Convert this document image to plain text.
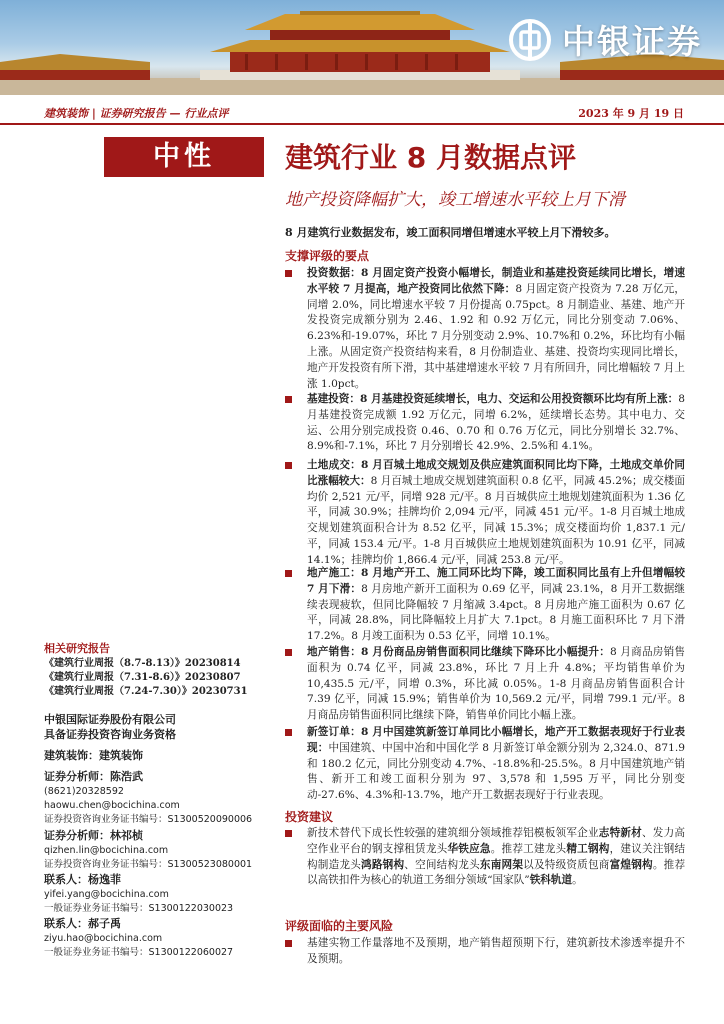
中银证券
建筑装饰 | 证券研究报告 — 行业点评	2023 年 9 月 19 日
中性	建筑行业 8 月数据点评
地产投资降幅扩大，竣工增速水平较上月下滑
8 月建筑行业数据发布，竣工面积同增但增速水平较上月下滑较多。
支撑评级的要点
投资数据：8 月固定资产投资小幅增长，制造业和基建投资延续同比增长，增速水平较 7 月提高，地产投资同比依然下降：8 月固定资产投资为 7.28 万亿元，同增 2.0%，同比增速水平较 7 月份提高 0.75pct。8 月制造业、基建、地产开发投资完成额分别为 2.46、1.92 和 0.92 万亿元，同比分别变动 7.06%、6.23%和-19.07%，环比 7 月分别变动 2.9%、10.7%和 0.2%，环比均有小幅上涨。从固定资产投资结构来看，8 月份制造业、基建、投资均实现同比增长，地产开发投资有所下滑，其中基建增速水平较 7 月有所回升，同比增幅较 7 月上涨 1.0pct。
基建投资：8 月基建投资延续增长，电力、交运和公用投资额环比均有所上涨：8 月基建投资完成额 1.92 万亿元，同增 6.2%，延续增长态势。其中电力、交运、公用分别完成投资 0.46、0.70 和 0.76 万亿元，同比分别增长 32.7%、8.9%和-7.1%，环比 7 月分别增长 42.9%、2.5%和 4.1%。
土地成交：8 月百城土地成交规划及供应建筑面积同比均下降，土地成交单价同比涨幅较大：8 月百城土地成交规划建筑面积 0.8 亿平，同减 45.2%；成交楼面均价 2,521 元/平，同增 928 元/平。8 月百城供应土地规划建筑面积为 1.36 亿平，同减 30.9%；挂牌均价 2,094 元/平，同减 451 元/平。1-8 月百城土地成交规划建筑面积合计为 8.52 亿平，同减 15.3%；成交楼面均价 1,837.1 元/平，同减 153.4 元/平。1-8 月百城供应土地规划建筑面积为 10.91 亿平，同减 14.1%；挂牌均价 1,866.4 元/平，同减 253.8 元/平。
地产施工：8 月地产开工、施工同环比均下降，竣工面积同比虽有上升但增幅较 7 月下滑：8 月房地产新开工面积为 0.69 亿平，同减 23.1%，8 月开工数据继续表现疲软，但同比降幅较 7 月缩减 3.4pct。8 月房地产施工面积为 0.67 亿平，同减 28.8%，同比降幅较上月扩大 7.1pct。8 月施工面积环比 7 月下滑 17.2%。8 月竣工面积为 0.53 亿平，同增 10.1%。
地产销售：8 月份商品房销售面积同比继续下降环比小幅提升：8 月商品房销售面积为 0.74 亿平，同减 23.8%，环比 7 月上升 4.8%；平均销售单价为 10,435.5 元/平，同增 0.3%，环比减 0.05%。1-8 月商品房销售面积合计 7.39 亿平，同减 15.9%；销售单价为 10,569.2 元/平，同增 799.1 元/平。8 月商品房销售面积同比继续下降，销售单价同比小幅上涨。
新签订单：8 月中国建筑新签订单同比小幅增长，地产开工数据表现好于行业表现：中国建筑、中国中冶和中国化学 8 月新签订单金额分别为 2,324.0、871.9 和 180.2 亿元，同比分别变动 4.7%、-18.8%和-25.5%。8 月中国建筑地产销售、新开工和竣工面积分别为 97、3,578 和 1,595 万平，同比分别变动-27.6%、4.3%和-13.7%，地产开工数据表现好于行业表现。
投资建议
新技术替代下成长性较强的建筑细分领域推荐铝模板领军企业志特新材、发力高空作业平台的钢支撑租赁龙头华铁应急。推荐工建龙头精工钢构，建议关注钢结构制造龙头鸿路钢构、空间结构龙头东南网架以及特级资质包商富煌钢构。推荐以高铁扣件为核心的轨道工务细分领域“国家队”铁科轨道。
评级面临的主要风险
基建实物工作量落地不及预期，地产销售超预期下行，建筑新技术渗透率提升不及预期。
相关研究报告
《建筑行业周报（8.7-8.13）》20230814
《建筑行业周报（7.31-8.6）》20230807
《建筑行业周报（7.24-7.30）》20230731
中银国际证券股份有限公司
具备证券投资咨询业务资格
建筑装饰：建筑装饰
证券分析师：陈浩武
(8621)20328592
haowu.chen@bocichina.com
证券投资咨询业务证书编号：S1300520090006
证券分析师：林祁桢
qizhen.lin@bocichina.com
证券投资咨询业务证书编号：S1300523080001
联系人：杨逸菲
yifei.yang@bocichina.com
一般证券业务证书编号：S1300122030023
联系人：郝子禹
ziyu.hao@bocichina.com
一般证券业务证书编号：S1300122060027
